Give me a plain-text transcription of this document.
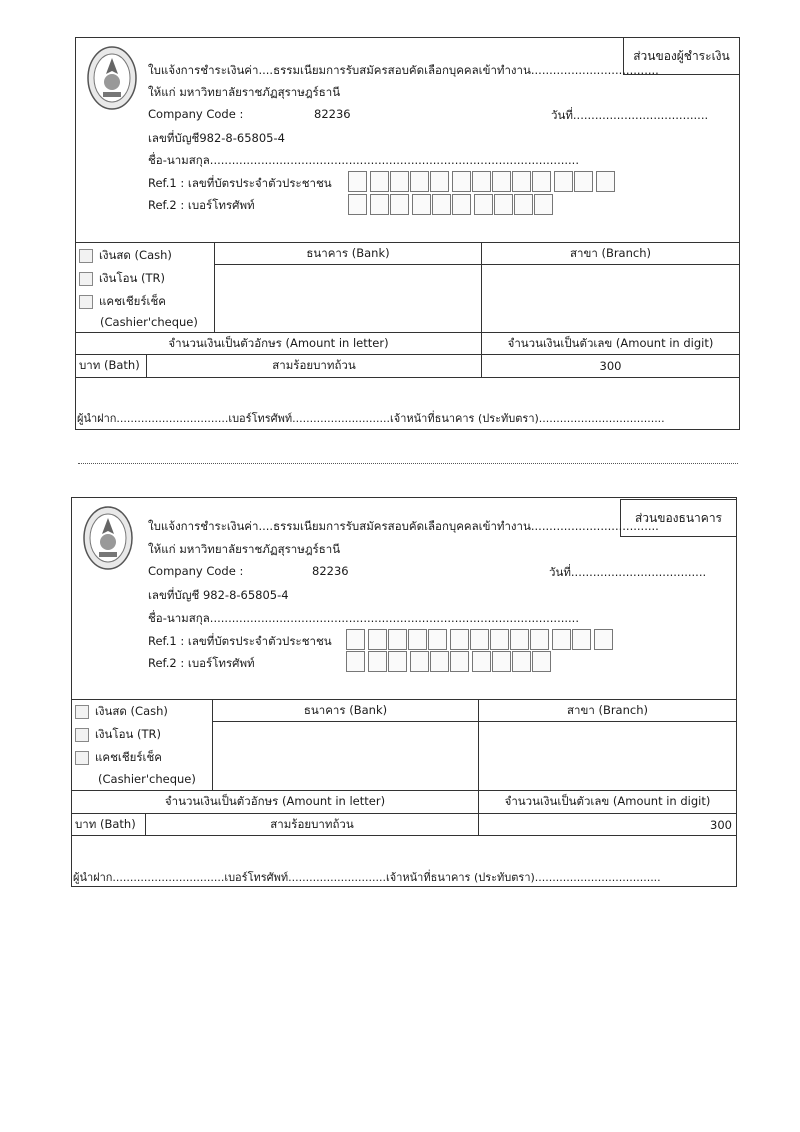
ส่วนของผู้ชำระเงิน
ใบแจ้งการชำระเงินค่า....ธรรมเนียมการรับสมัครสอบคัดเลือกบุคคลเข้าทำงาน...................................
ให้แก่ มหาวิทยาลัยราชภัฏสุราษฎร์ธานี
Company Code :	82236	วันที่.....................................
เลขที่บัญชี982-8-65805-4
ชื่อ-นามสกุล.....................................................................................................
Ref.1 : เลขที่บัตรประจำตัวประชาชน
Ref.2 : เบอร์โทรศัพท์
เงินสด (Cash)
เงินโอน (TR)
แคชเชียร์เช็ค
(Cashier'cheque)
ธนาคาร (Bank)	สาขา (Branch)
จำนวนเงินเป็นตัวอักษร (Amount in letter)	จำนวนเงินเป็นตัวเลข (Amount in digit)
บาท (Bath)	สามร้อยบาทถ้วน	300
ผู้นำฝาก................................เบอร์โทรศัพท์............................เจ้าหน้าที่ธนาคาร (ประทับตรา)....................................
ส่วนของธนาคาร
ใบแจ้งการชำระเงินค่า....ธรรมเนียมการรับสมัครสอบคัดเลือกบุคคลเข้าทำงาน...................................
ให้แก่ มหาวิทยาลัยราชภัฏสุราษฎร์ธานี
Company Code :	82236	วันที่.....................................
เลขที่บัญชี 982-8-65805-4
ชื่อ-นามสกุล.....................................................................................................
Ref.1 : เลขที่บัตรประจำตัวประชาชน
Ref.2 : เบอร์โทรศัพท์
เงินสด (Cash)
เงินโอน (TR)
แคชเชียร์เช็ค
(Cashier'cheque)
ธนาคาร (Bank)	สาขา (Branch)
จำนวนเงินเป็นตัวอักษร (Amount in letter)	จำนวนเงินเป็นตัวเลข (Amount in digit)
บาท (Bath)	สามร้อยบาทถ้วน	300
ผู้นำฝาก................................เบอร์โทรศัพท์............................เจ้าหน้าที่ธนาคาร (ประทับตรา)....................................
